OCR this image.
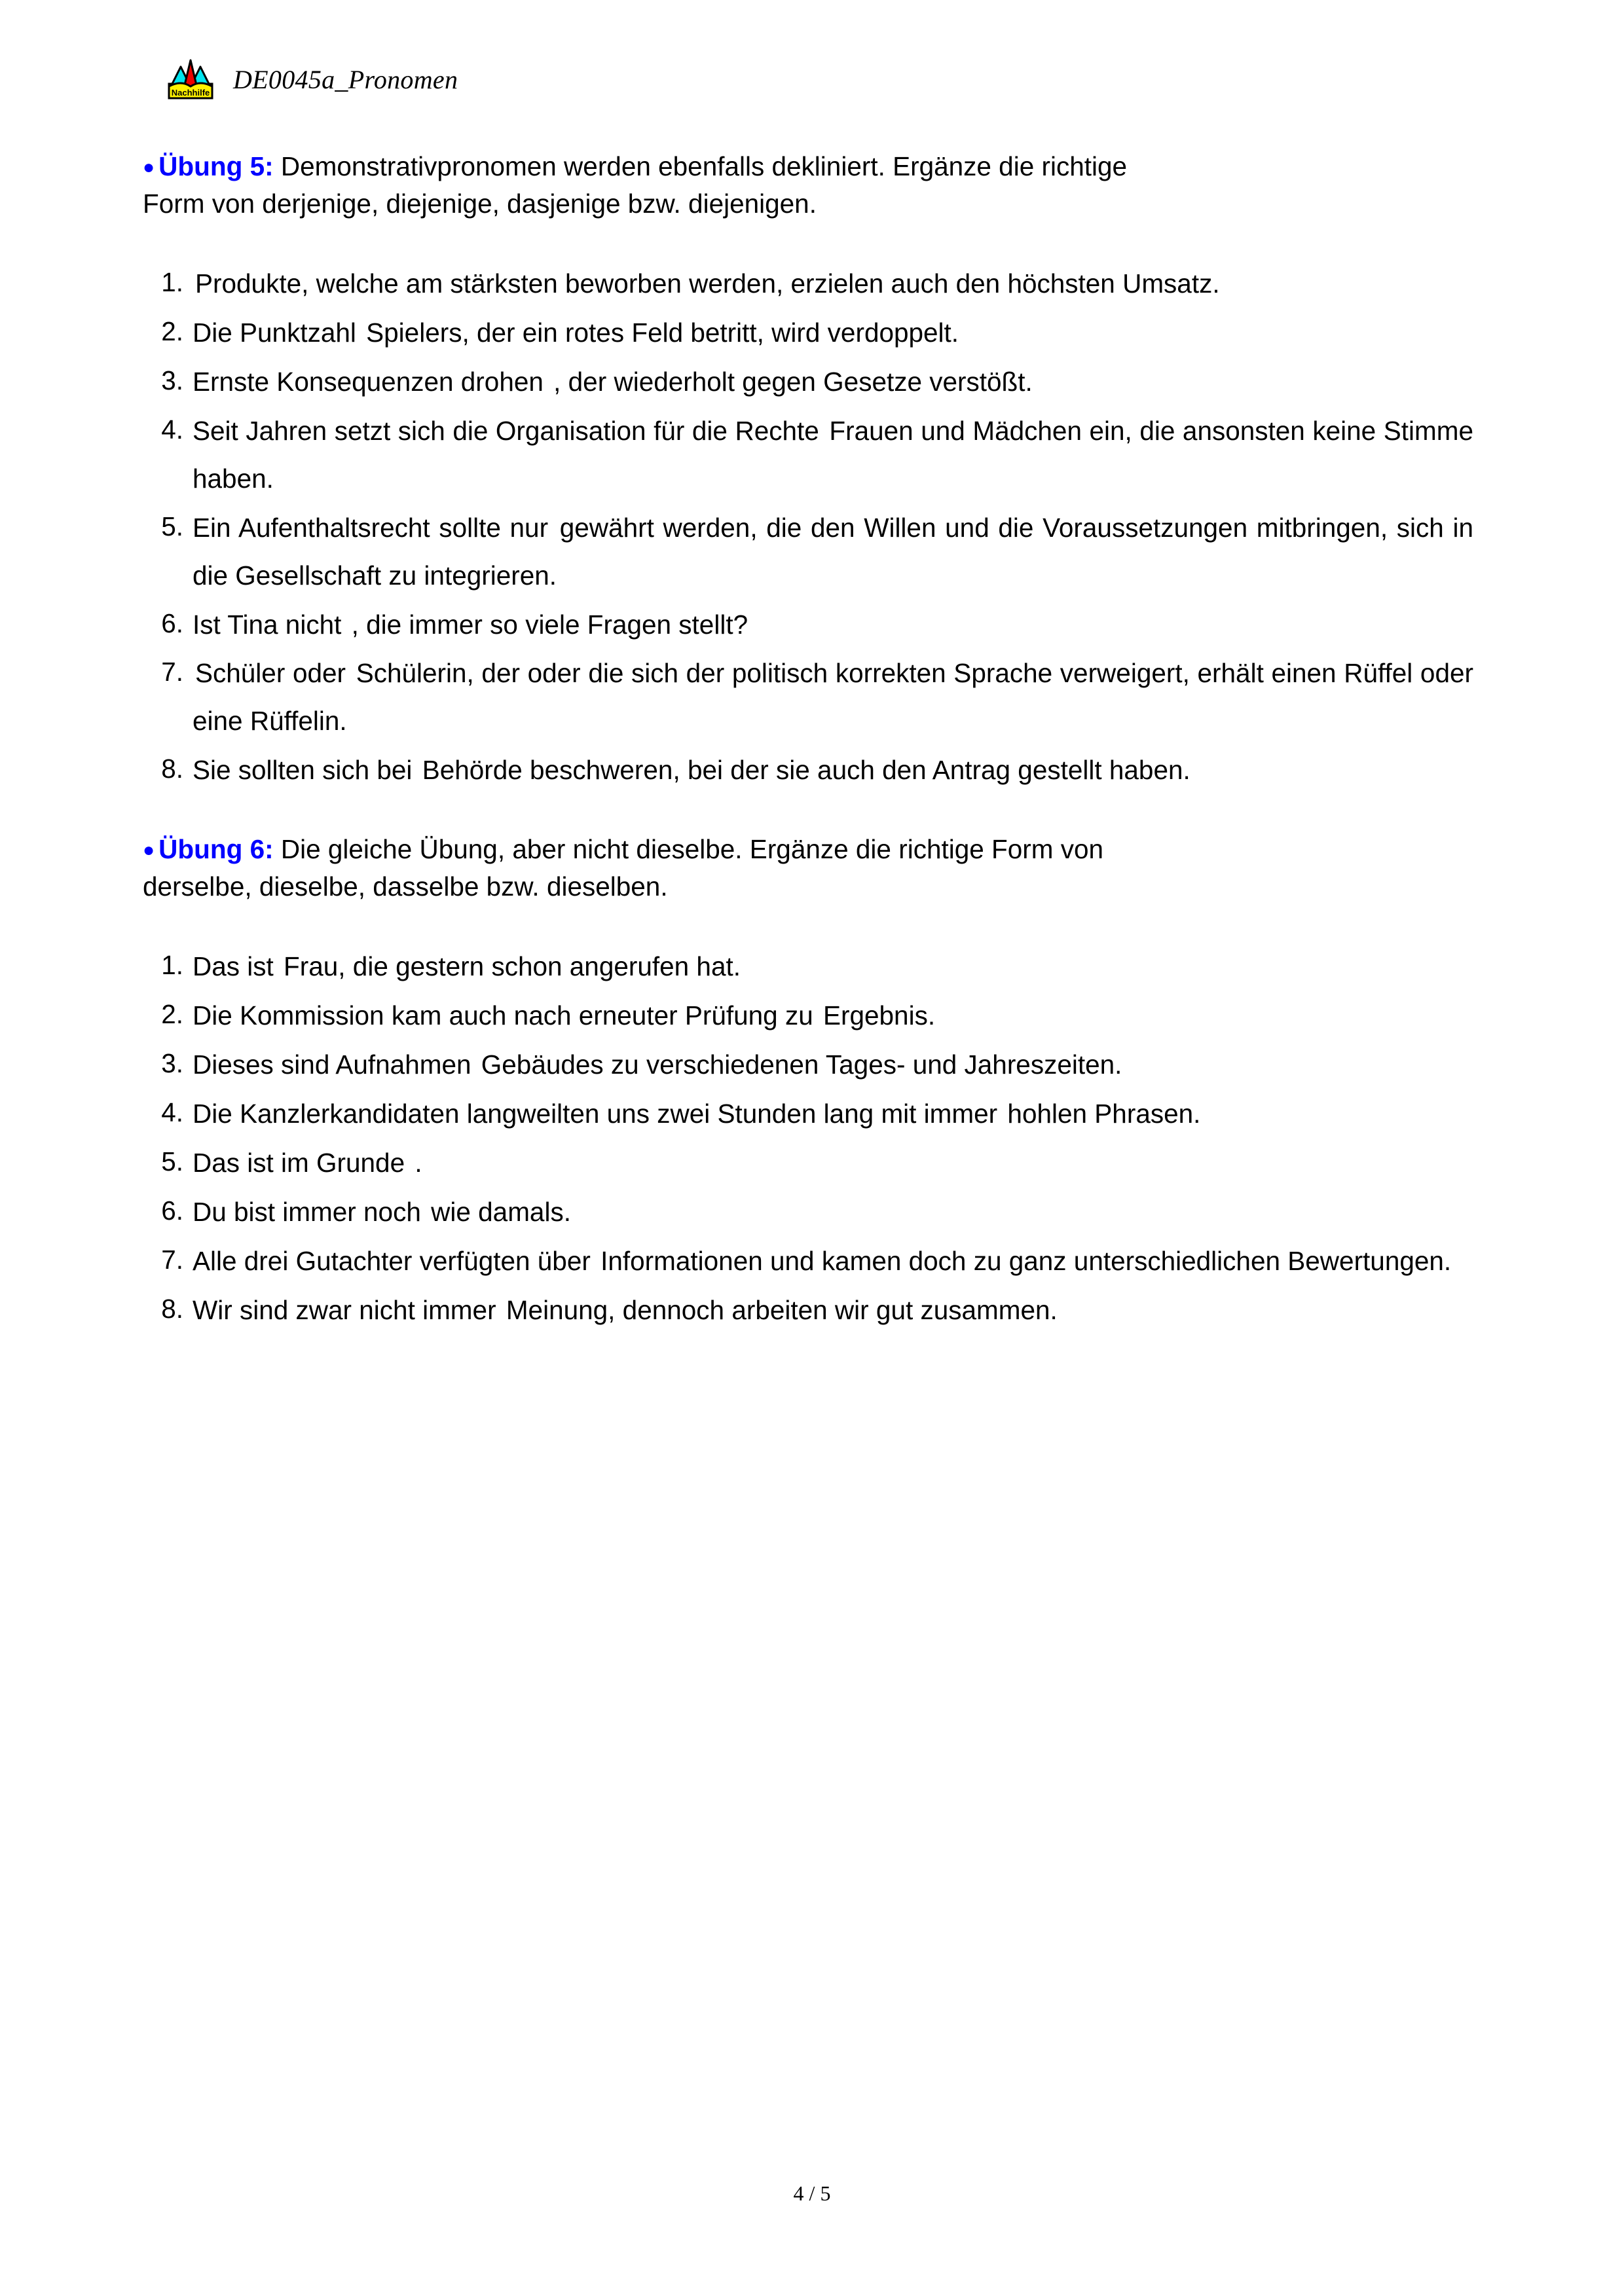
Nachhilfe DE0045a_Pronomen

● Übung 5: Demonstrativpronomen werden ebenfalls dekliniert. Ergänze die richtige

Form von derjenige, diejenige, dasjenige bzw. diejenigen.

1. Produkte, welche am stärksten beworben werden, erzielen auch den höchsten Umsatz.
2. Die Punktzahl Spielers, der ein rotes Feld betritt, wird verdoppelt.
3. Ernste Konsequenzen drohen , der wiederholt gegen Gesetze verstößt.
4. Seit Jahren setzt sich die Organisation für die Rechte Frauen und Mädchen ein, die ansonsten keine Stimme haben.
5. Ein Aufenthaltsrecht sollte nur gewährt werden, die den Willen und die Voraussetzungen mitbringen, sich in die Gesellschaft zu integrieren.
6. Ist Tina nicht , die immer so viele Fragen stellt?
7. Schüler oder Schülerin, der oder die sich der politisch korrekten Sprache verweigert, erhält einen Rüffel oder eine Rüffelin.
8. Sie sollten sich bei Behörde beschweren, bei der sie auch den Antrag gestellt haben.

● Übung 6: Die gleiche Übung, aber nicht dieselbe. Ergänze die richtige Form von

derselbe, dieselbe, dasselbe bzw. dieselben.

1. Das ist Frau, die gestern schon angerufen hat.
2. Die Kommission kam auch nach erneuter Prüfung zu Ergebnis.
3. Dieses sind Aufnahmen Gebäudes zu verschiedenen Tages- und Jahreszeiten.
4. Die Kanzlerkandidaten langweilten uns zwei Stunden lang mit immer hohlen Phrasen.
5. Das ist im Grunde .
6. Du bist immer noch wie damals.
7. Alle drei Gutachter verfügten über Informationen und kamen doch zu ganz unterschiedlichen Bewertungen.
8. Wir sind zwar nicht immer Meinung, dennoch arbeiten wir gut zusammen.
4 / 5
